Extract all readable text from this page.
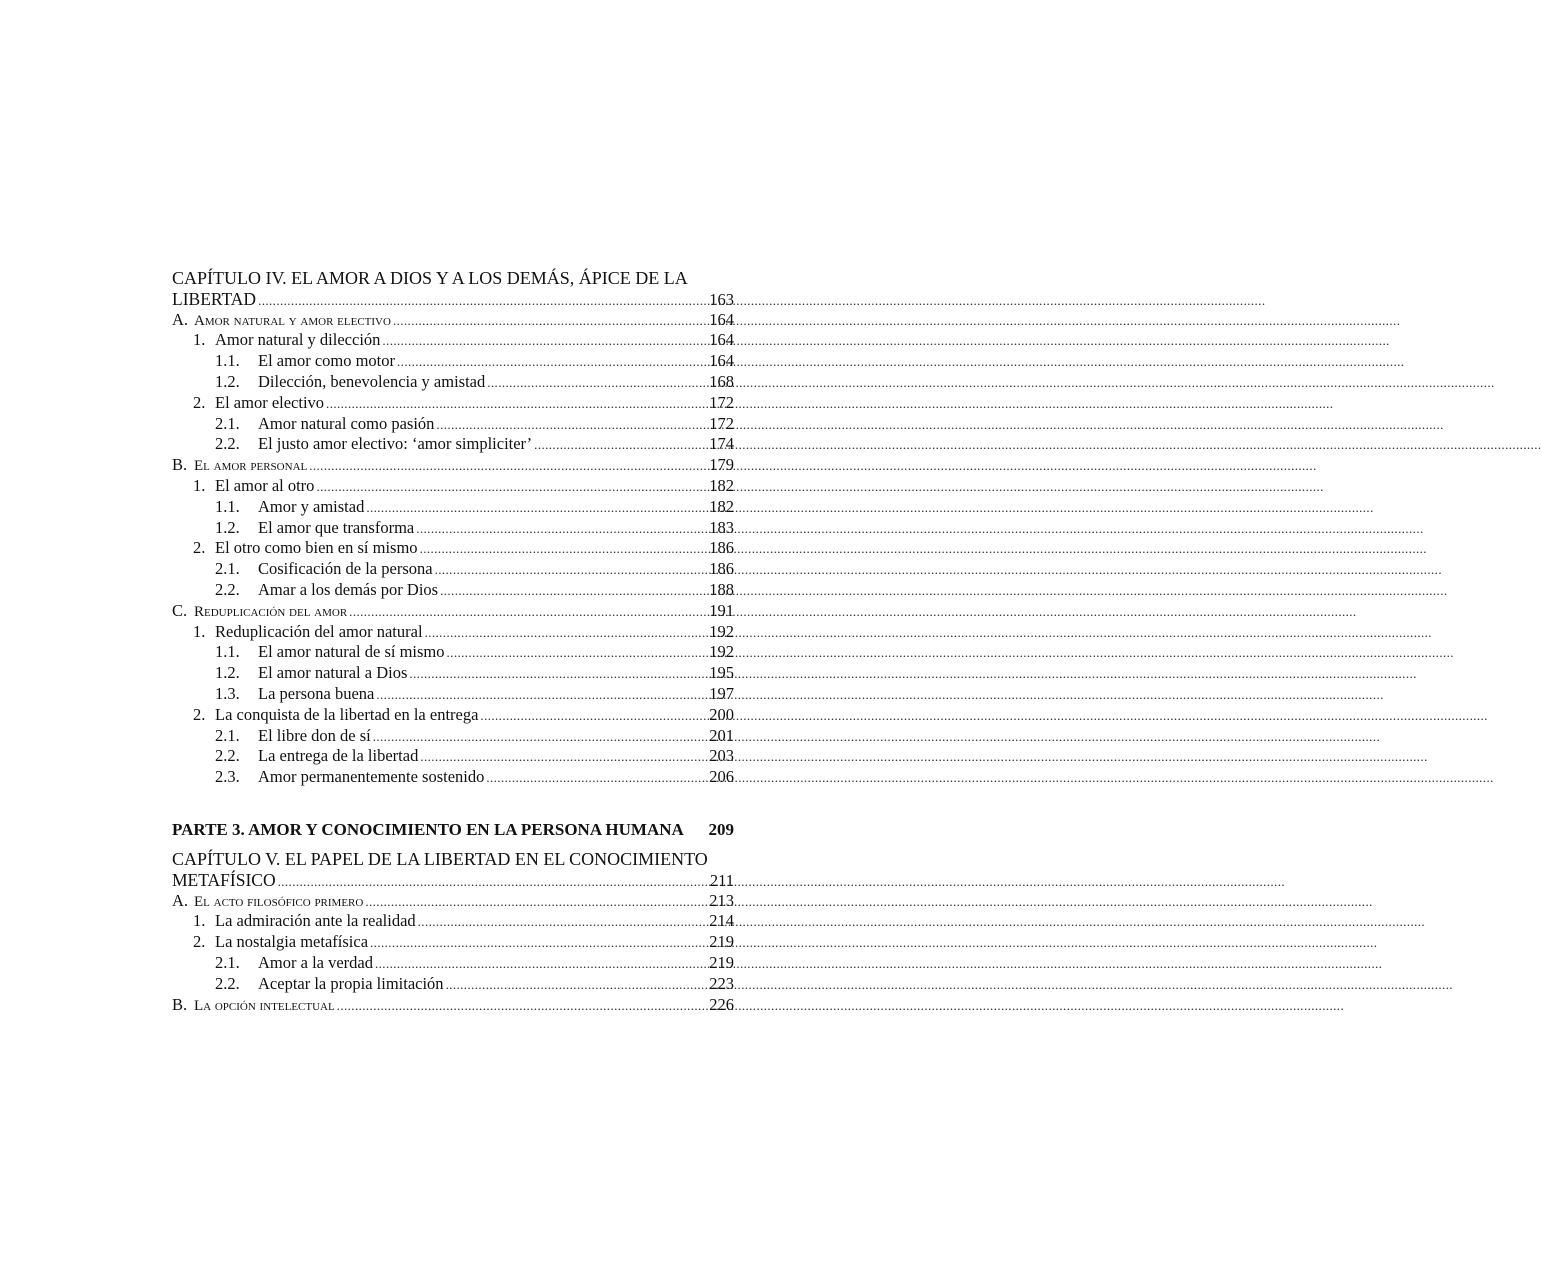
CAPÍTULO IV. EL AMOR A DIOS Y A LOS DEMÁS, ÁPICE DE LA
LIBERTAD .....	163
A. Amor natural y amor electivo .....	164
1. Amor natural y dilección .....	164
1.1.	El amor como motor .....	164
1.2.	Dilección, benevolencia y amistad .....	168
2. El amor electivo .....	172
2.1.	Amor natural como pasión .....	172
2.2.	El justo amor electivo: ‘amor simpliciter’ .....	174
B. El amor personal .....	179
1. El amor al otro .....	182
1.1.	Amor y amistad .....	182
1.2.	El amor que transforma .....	183
2. El otro como bien en sí mismo .....	186
2.1.	Cosificación de la persona .....	186
2.2.	Amar a los demás por Dios .....	188
C. Reduplicación del amor .....	191
1. Reduplicación del amor natural .....	192
1.1.	El amor natural de sí mismo .....	192
1.2.	El amor natural a Dios .....	195
1.3.	La persona buena .....	197
2. La conquista de la libertad en la entrega .....	200
2.1.	El libre don de sí .....	201
2.2.	La entrega de la libertad .....	203
2.3.	Amor permanentemente sostenido .....	206
PARTE 3. AMOR Y CONOCIMIENTO EN LA PERSONA HUMANA	209
CAPÍTULO V. EL PAPEL DE LA LIBERTAD EN EL CONOCIMIENTO
METAFÍSICO .....	211
A. El acto filosófico primero .....	213
1. La admiración ante la realidad .....	214
2. La nostalgia metafísica .....	219
2.1.	Amor a la verdad .....	219
2.2.	Aceptar la propia limitación .....	223
B. La opción intelectual .....	226
